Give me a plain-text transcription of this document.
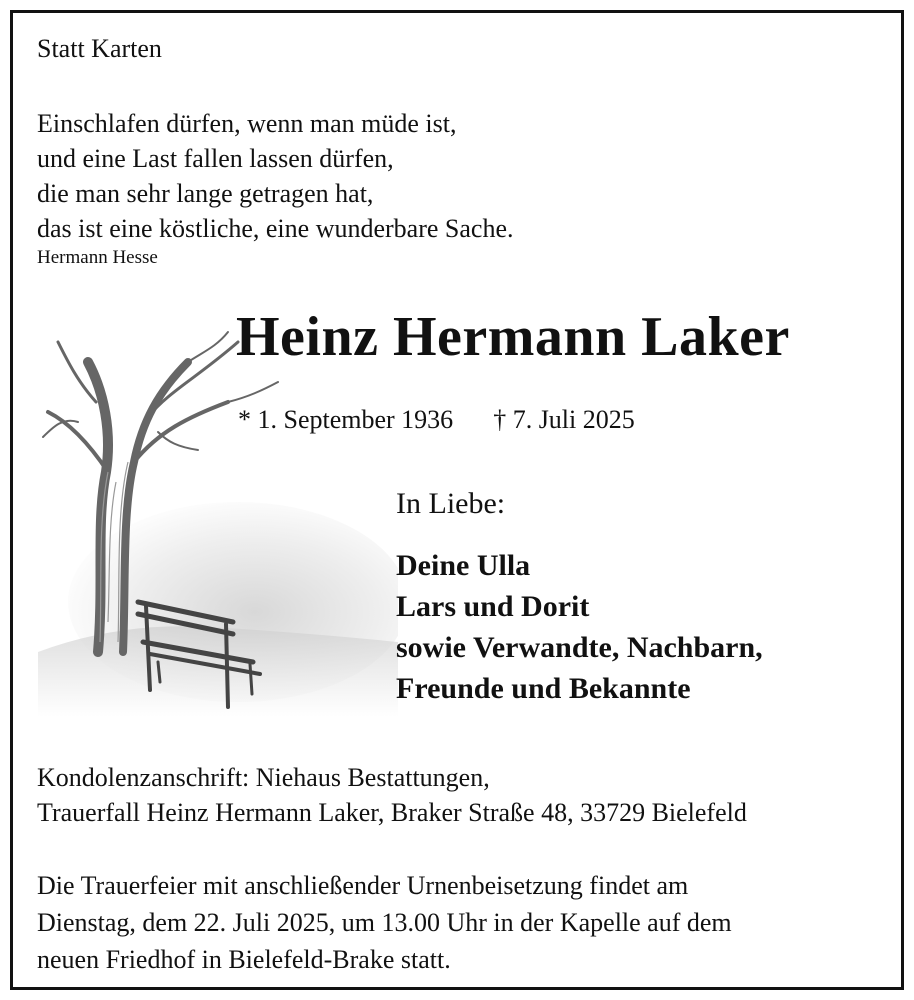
Statt Karten
Einschlafen dürfen, wenn man müde ist,
und eine Last fallen lassen dürfen,
die man sehr lange getragen hat,
das ist eine köstliche, eine wunderbare Sache.
Hermann Hesse
Heinz Hermann Laker
* 1. September 1936 † 7. Juli 2025
In Liebe:
Deine Ulla
Lars und Dorit
sowie Verwandte, Nachbarn,
Freunde und Bekannte
Kondolenzanschrift: Niehaus Bestattungen,
Trauerfall Heinz Hermann Laker, Braker Straße 48, 33729 Bielefeld
Die Trauerfeier mit anschließender Urnenbeisetzung findet am
Dienstag, dem 22. Juli 2025, um 13.00 Uhr in der Kapelle auf dem
neuen Friedhof in Bielefeld-Brake statt.
